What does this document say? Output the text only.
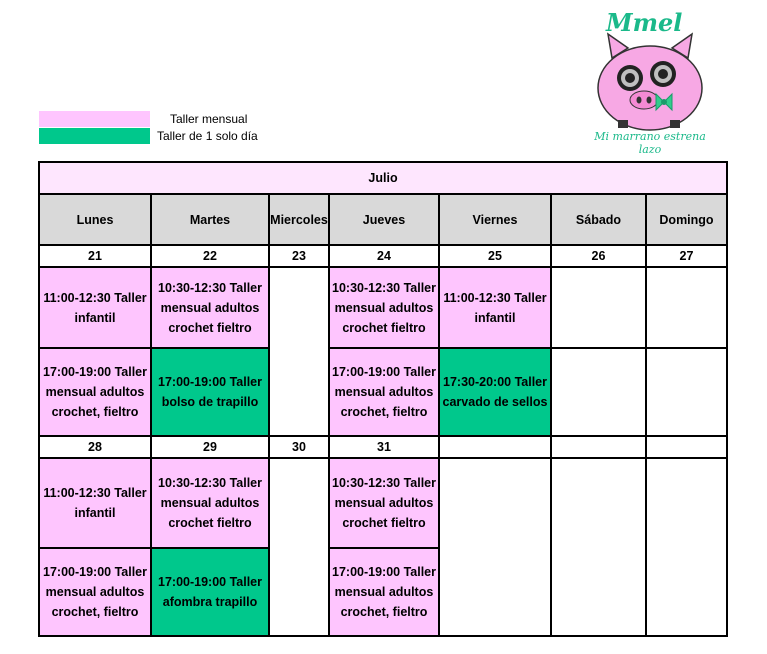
Taller mensual
Taller de 1 solo día
Mmel
Mi marrano estrena lazo
Julio						
Lunes	Martes	Miercoles	Jueves	Viernes	Sábado	Domingo
21	22	23	24	25	26	27
11:00-12:30 Taller infantil	10:30-12:30 Taller mensual adultos crochet fieltro		10:30-12:30 Taller mensual adultos crochet fieltro	11:00-12:30 Taller infantil		
17:00-19:00 Taller mensual adultos crochet, fieltro	17:00-19:00 Taller bolso de trapillo		17:00-19:00 Taller mensual adultos crochet, fieltro	17:30-20:00 Taller carvado de sellos		
28	29	30	31			
11:00-12:30 Taller infantil	10:30-12:30 Taller mensual adultos crochet fieltro		10:30-12:30 Taller mensual adultos crochet fieltro			
17:00-19:00 Taller mensual adultos crochet, fieltro	17:00-19:00 Taller afombra trapillo		17:00-19:00 Taller mensual adultos crochet, fieltro			
